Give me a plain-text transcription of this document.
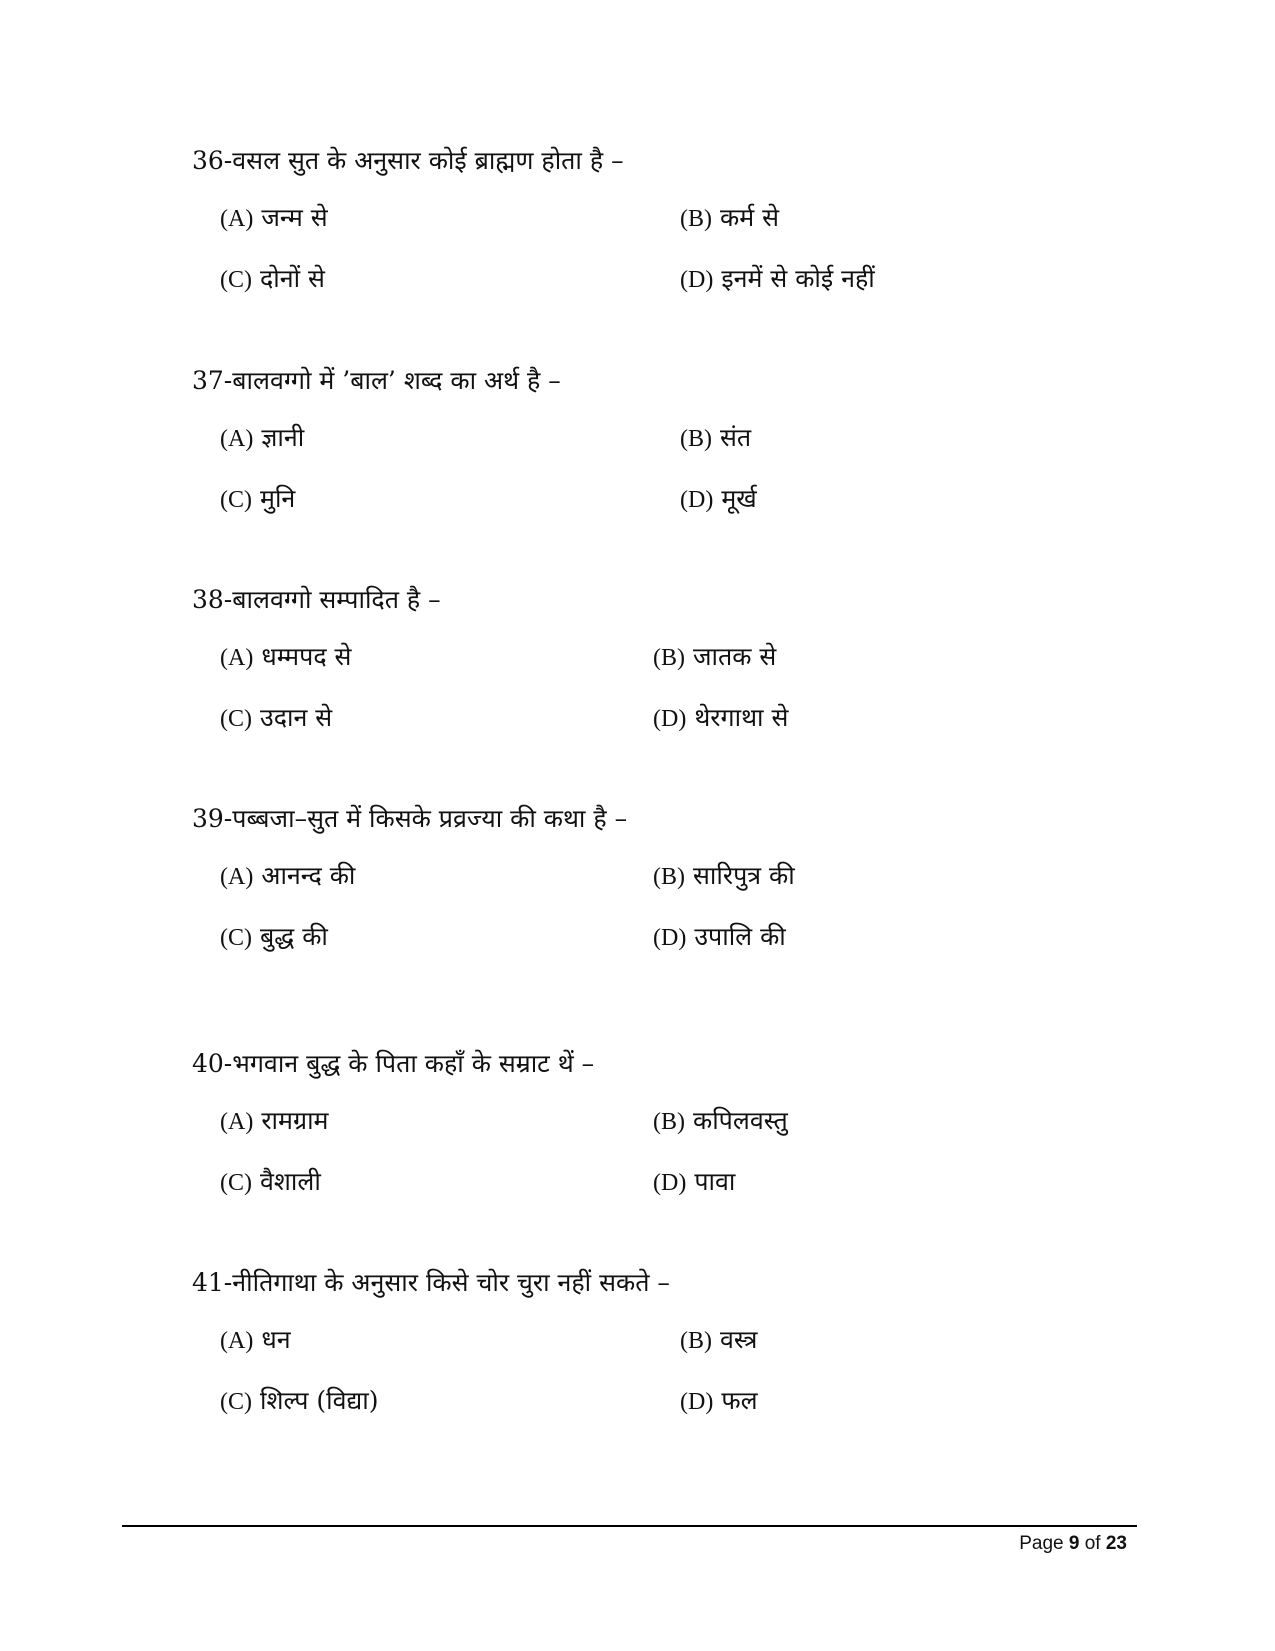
36-वसल सुत के अनुसार कोई ब्राह्मण होता है –
(A) जन्म से	(B) कर्म से
(C) दोनों से	(D) इनमें से कोई नहीं
37-बालवग्गो में ’बाल’ शब्द का अर्थ है –
(A) ज्ञानी	(B) संत
(C) मुनि	(D) मूर्ख
38-बालवग्गो सम्पादित है –
(A) धम्मपद से	(B) जातक से
(C) उदान से	(D) थेरगाथा से
39-पब्बजा–सुत में किसके प्रव्रज्या की कथा है –
(A) आनन्द की	(B) सारिपुत्र की
(C) बुद्ध की	(D) उपालि की
40-भगवान बुद्ध के पिता कहाँ के सम्राट थें –
(A) रामग्राम	(B) कपिलवस्तु
(C) वैशाली	(D) पावा
41-नीतिगाथा के अनुसार किसे चोर चुरा नहीं सकते –
(A) धन	(B) वस्त्र
(C) शिल्प (विद्या)	(D) फल
Page 9 of 23
